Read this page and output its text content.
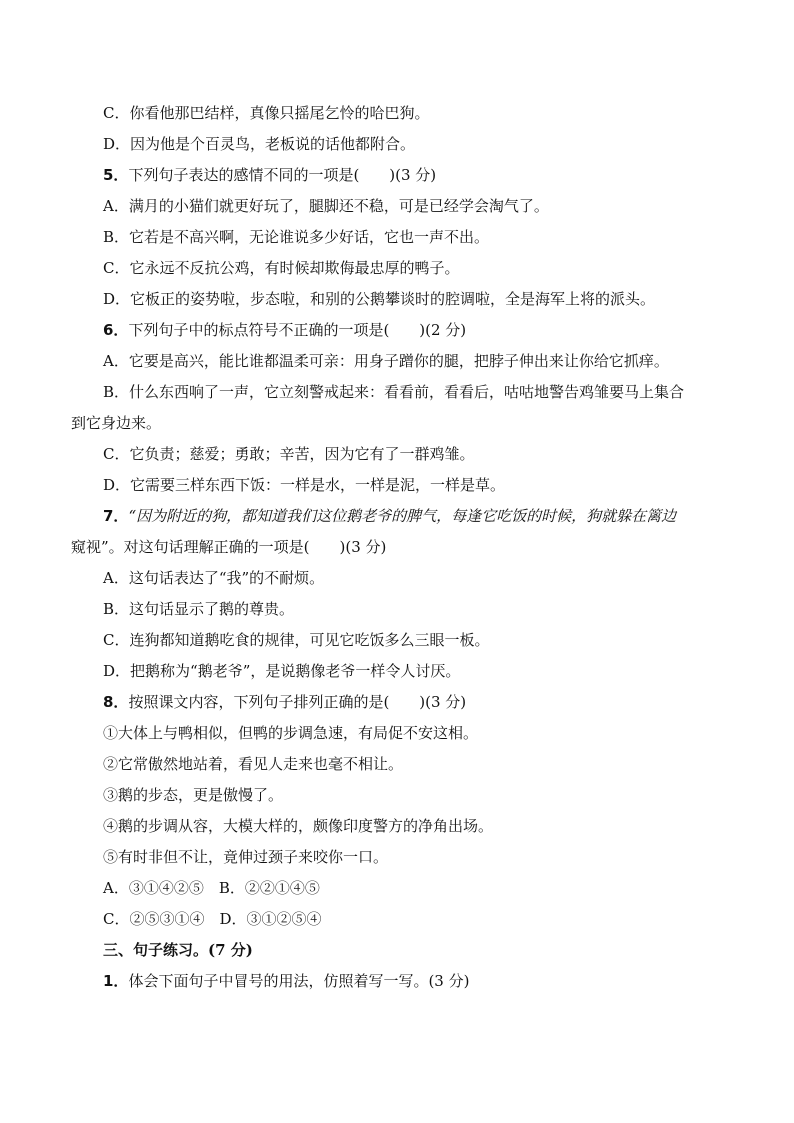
C．你看他那巴结样，真像只摇尾乞怜的哈巴狗。
D．因为他是个百灵鸟，老板说的话他都附合。
5．下列句子表达的感情不同的一项是(　　)(3 分)
A．满月的小猫们就更好玩了，腿脚还不稳，可是已经学会淘气了。
B．它若是不高兴啊，无论谁说多少好话，它也一声不出。
C．它永远不反抗公鸡，有时候却欺侮最忠厚的鸭子。
D．它板正的姿势啦，步态啦，和别的公鹅攀谈时的腔调啦，全是海军上将的派头。
6．下列句子中的标点符号不正确的一项是(　　)(2 分)
A．它要是高兴，能比谁都温柔可亲：用身子蹭你的腿，把脖子伸出来让你给它抓痒。
B．什么东西响了一声，它立刻警戒起来：看看前，看看后，咕咕地警告鸡雏要马上集合
到它身边来。
C．它负责；慈爱；勇敢；辛苦，因为它有了一群鸡雏。
D．它需要三样东西下饭：一样是水，一样是泥，一样是草。
7．“因为附近的狗，都知道我们这位鹅老爷的脾气，每逢它吃饭的时候，狗就躲在篱边
窥视”。对这句话理解正确的一项是(　　)(3 分)
A．这句话表达了“我”的不耐烦。
B．这句话显示了鹅的尊贵。
C．连狗都知道鹅吃食的规律，可见它吃饭多么三眼一板。
D．把鹅称为“鹅老爷”，是说鹅像老爷一样令人讨厌。
8．按照课文内容，下列句子排列正确的是(　　)(3 分)
①大体上与鸭相似，但鸭的步调急速，有局促不安这相。
②它常傲然地站着，看见人走来也毫不相让。
③鹅的步态，更是傲慢了。
④鹅的步调从容，大模大样的，颇像印度警方的净角出场。
⑤有时非但不让，竟伸过颈子来咬你一口。
A．③①④②⑤　B．②②①④⑤
C．②⑤③①④　D．③①②⑤④
三、句子练习。(7 分)
1．体会下面句子中冒号的用法，仿照着写一写。(3 分)
